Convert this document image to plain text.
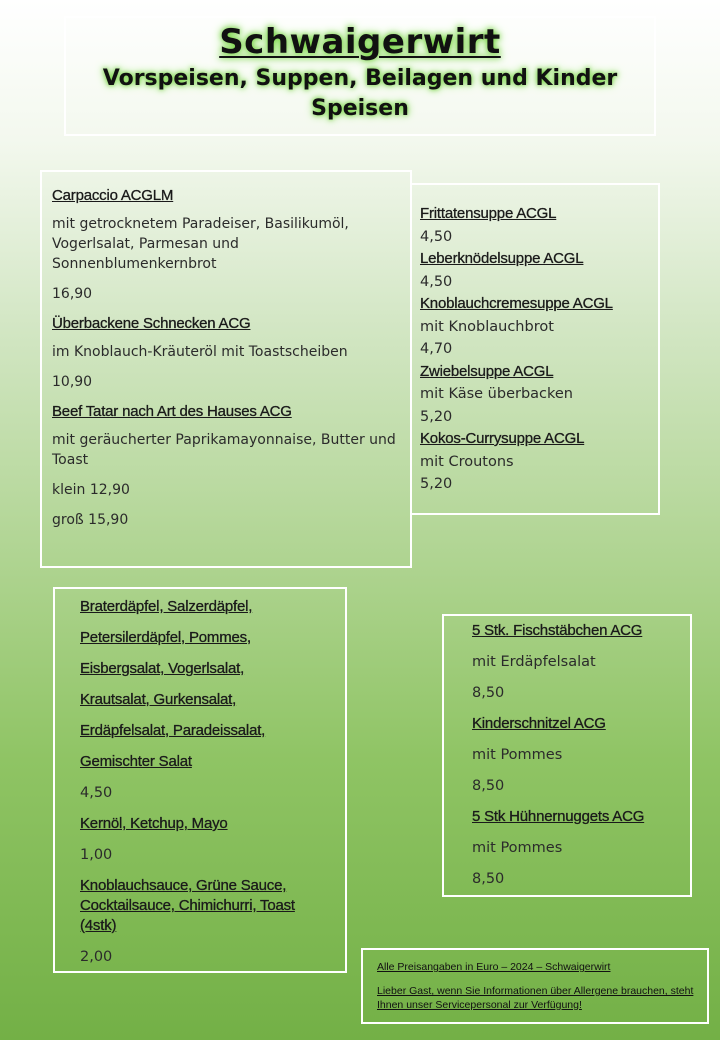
Schwaigerwirt
Vorspeisen, Suppen, Beilagen und Kinder Speisen
Carpaccio ACGLM
mit getrocknetem Paradeiser, Basilikumöl, Vogerlsalat, Parmesan und Sonnenblumenkernbrot
16,90
Überbackene Schnecken ACG
im Knoblauch-Kräuteröl mit Toastscheiben
10,90
Beef Tatar nach Art des Hauses ACG
mit geräucherter Paprikamayonnaise, Butter und Toast
klein 12,90
groß 15,90
Frittatensuppe ACGL
4,50
Leberknödelsuppe ACGL
4,50
Knoblauchcremesuppe ACGL
mit Knoblauchbrot
4,70
Zwiebelsuppe ACGL
mit Käse überbacken
5,20
Kokos-Currysuppe ACGL
mit Croutons
5,20
Braterdäpfel, Salzerdäpfel,
Petersilerdäpfel, Pommes,
Eisbergsalat, Vogerlsalat,
Krautsalat, Gurkensalat,
Erdäpfelsalat, Paradeissalat,
Gemischter Salat
4,50
Kernöl, Ketchup, Mayo
1,00
Knoblauchsauce, Grüne Sauce, Cocktailsauce, Chimichurri, Toast (4stk)
2,00
5 Stk. Fischstäbchen ACG
mit Erdäpfelsalat
8,50
Kinderschnitzel ACG
mit Pommes
8,50
5 Stk Hühnernuggets ACG
mit Pommes
8,50
Alle Preisangaben in Euro – 2024 – Schwaigerwirt
Lieber Gast, wenn Sie Informationen über Allergene brauchen, steht Ihnen unser Servicepersonal zur Verfügung!
